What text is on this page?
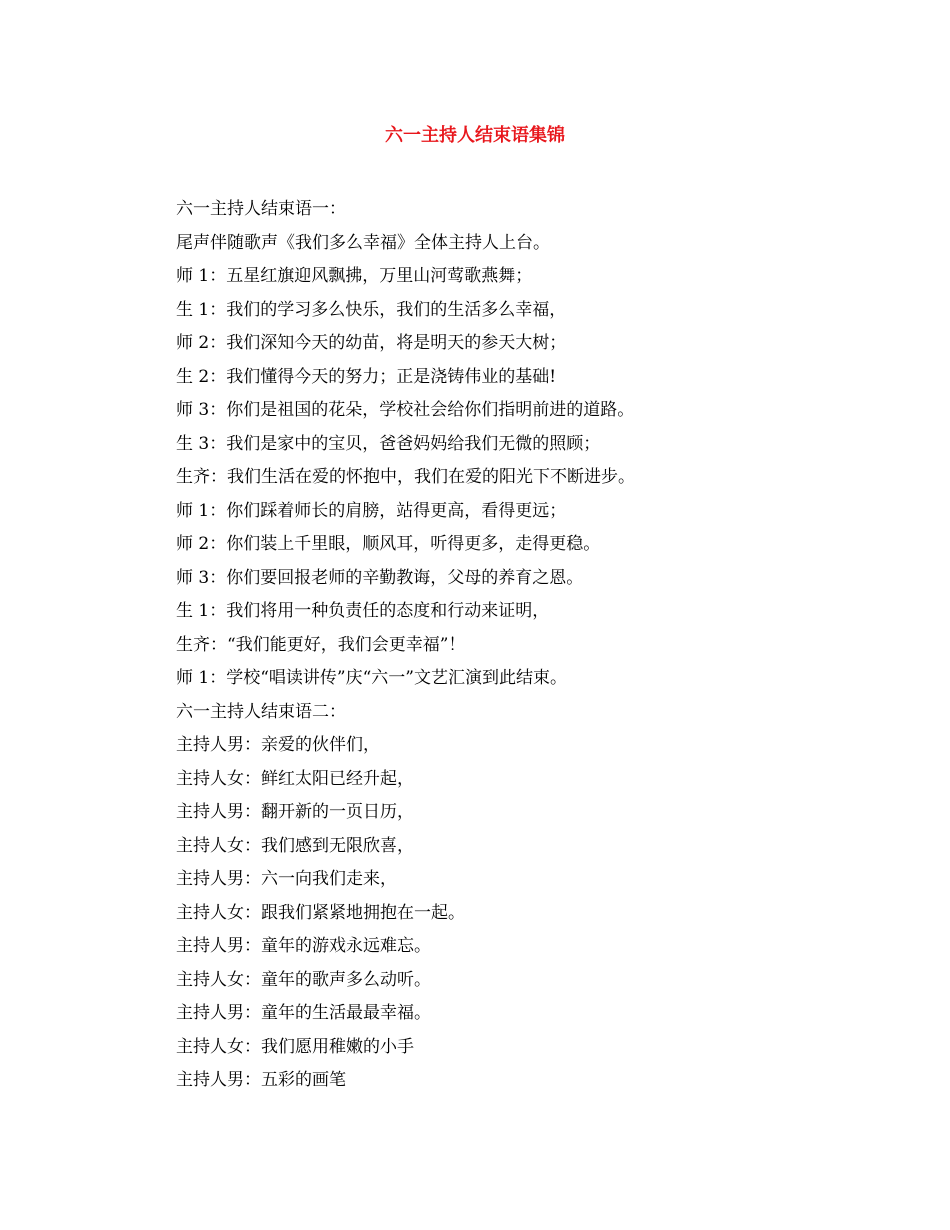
六一主持人结束语集锦
六一主持人结束语一：
尾声伴随歌声《我们多么幸福》全体主持人上台。
师 1：五星红旗迎风飘拂，万里山河莺歌燕舞；
生 1：我们的学习多么快乐，我们的生活多么幸福，
师 2：我们深知今天的幼苗，将是明天的参天大树；
生 2：我们懂得今天的努力；正是浇铸伟业的基础!
师 3：你们是祖国的花朵，学校社会给你们指明前进的道路。
生 3：我们是家中的宝贝，爸爸妈妈给我们无微的照顾；
生齐：我们生活在爱的怀抱中，我们在爱的阳光下不断进步。
师 1：你们踩着师长的肩膀，站得更高，看得更远；
师 2：你们装上千里眼，顺风耳，听得更多，走得更稳。
师 3：你们要回报老师的辛勤教诲，父母的养育之恩。
生 1：我们将用一种负责任的态度和行动来证明，
生齐：“我们能更好，我们会更幸福”！
师 1：学校“唱读讲传”庆“六一”文艺汇演到此结束。
六一主持人结束语二：
主持人男：亲爱的伙伴们，
主持人女：鲜红太阳已经升起，
主持人男：翻开新的一页日历，
主持人女：我们感到无限欣喜，
主持人男：六一向我们走来，
主持人女：跟我们紧紧地拥抱在一起。
主持人男：童年的游戏永远难忘。
主持人女：童年的歌声多么动听。
主持人男：童年的生活最最幸福。
主持人女：我们愿用稚嫩的小手
主持人男：五彩的画笔
